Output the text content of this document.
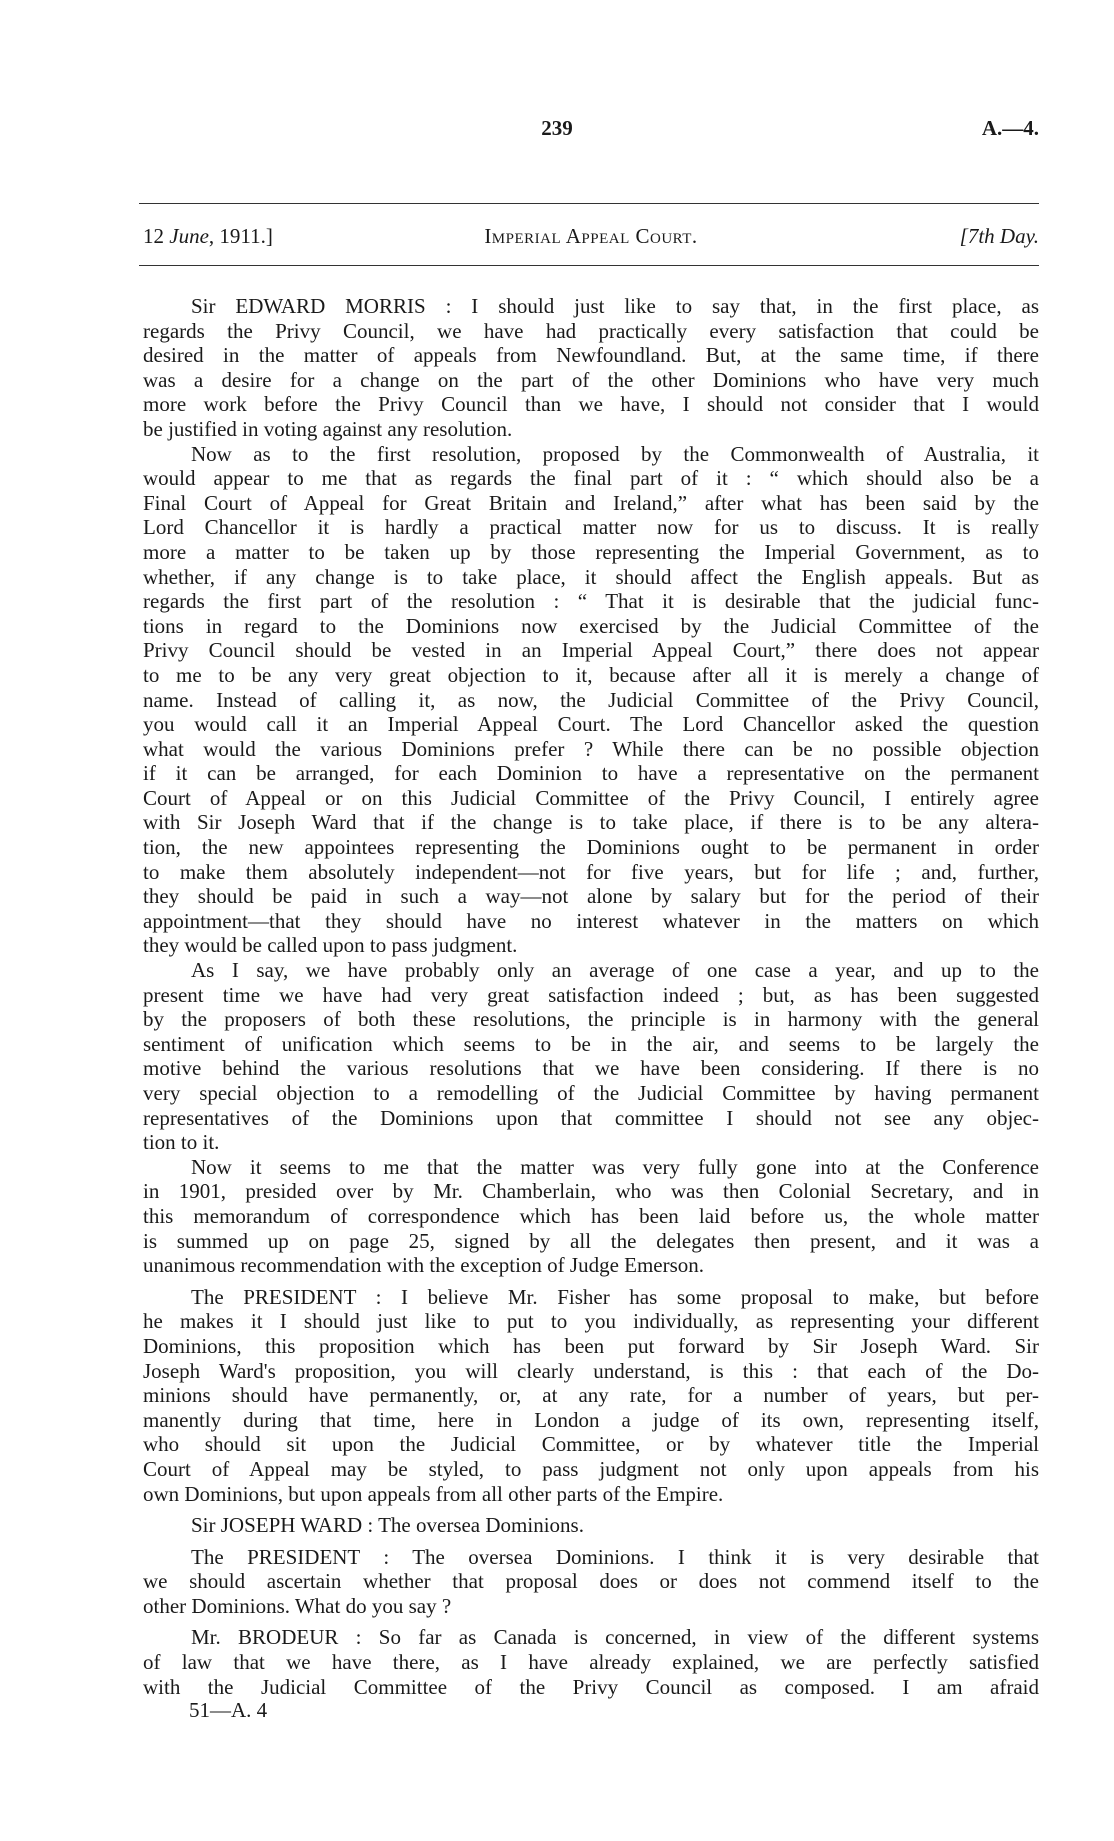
239	A.—4.
12 June, 1911.]	Imperial Appeal Court.	[7th Day.
Sir EDWARD MORRIS : I should just like to say that, in the first place, as
regards the Privy Council, we have had practically every satisfaction that could be
desired in the matter of appeals from Newfoundland. But, at the same time, if there
was a desire for a change on the part of the other Dominions who have very much
more work before the Privy Council than we have, I should not consider that I would
be justified in voting against any resolution.
Now as to the first resolution, proposed by the Commonwealth of Australia, it
would appear to me that as regards the final part of it : “ which should also be a
Final Court of Appeal for Great Britain and Ireland,” after what has been said by the
Lord Chancellor it is hardly a practical matter now for us to discuss. It is really
more a matter to be taken up by those representing the Imperial Government, as to
whether, if any change is to take place, it should affect the English appeals. But as
regards the first part of the resolution : “ That it is desirable that the judicial func-
tions in regard to the Dominions now exercised by the Judicial Committee of the
Privy Council should be vested in an Imperial Appeal Court,” there does not appear
to me to be any very great objection to it, because after all it is merely a change of
name. Instead of calling it, as now, the Judicial Committee of the Privy Council,
you would call it an Imperial Appeal Court. The Lord Chancellor asked the question
what would the various Dominions prefer ? While there can be no possible objection
if it can be arranged, for each Dominion to have a representative on the permanent
Court of Appeal or on this Judicial Committee of the Privy Council, I entirely agree
with Sir Joseph Ward that if the change is to take place, if there is to be any altera-
tion, the new appointees representing the Dominions ought to be permanent in order
to make them absolutely independent—not for five years, but for life ; and, further,
they should be paid in such a way—not alone by salary but for the period of their
appointment—that they should have no interest whatever in the matters on which
they would be called upon to pass judgment.
As I say, we have probably only an average of one case a year, and up to the
present time we have had very great satisfaction indeed ; but, as has been suggested
by the proposers of both these resolutions, the principle is in harmony with the general
sentiment of unification which seems to be in the air, and seems to be largely the
motive behind the various resolutions that we have been considering. If there is no
very special objection to a remodelling of the Judicial Committee by having permanent
representatives of the Dominions upon that committee I should not see any objec-
tion to it.
Now it seems to me that the matter was very fully gone into at the Conference
in 1901, presided over by Mr. Chamberlain, who was then Colonial Secretary, and in
this memorandum of correspondence which has been laid before us, the whole matter
is summed up on page 25, signed by all the delegates then present, and it was a
unanimous recommendation with the exception of Judge Emerson.
The PRESIDENT : I believe Mr. Fisher has some proposal to make, but before
he makes it I should just like to put to you individually, as representing your different
Dominions, this proposition which has been put forward by Sir Joseph Ward. Sir
Joseph Ward's proposition, you will clearly understand, is this : that each of the Do-
minions should have permanently, or, at any rate, for a number of years, but per-
manently during that time, here in London a judge of its own, representing itself,
who should sit upon the Judicial Committee, or by whatever title the Imperial
Court of Appeal may be styled, to pass judgment not only upon appeals from his
own Dominions, but upon appeals from all other parts of the Empire.
Sir JOSEPH WARD : The oversea Dominions.
The PRESIDENT : The oversea Dominions. I think it is very desirable that
we should ascertain whether that proposal does or does not commend itself to the
other Dominions. What do you say ?
Mr. BRODEUR : So far as Canada is concerned, in view of the different systems
of law that we have there, as I have already explained, we are perfectly satisfied
with the Judicial Committee of the Privy Council as composed. I am afraid
51—A. 4
